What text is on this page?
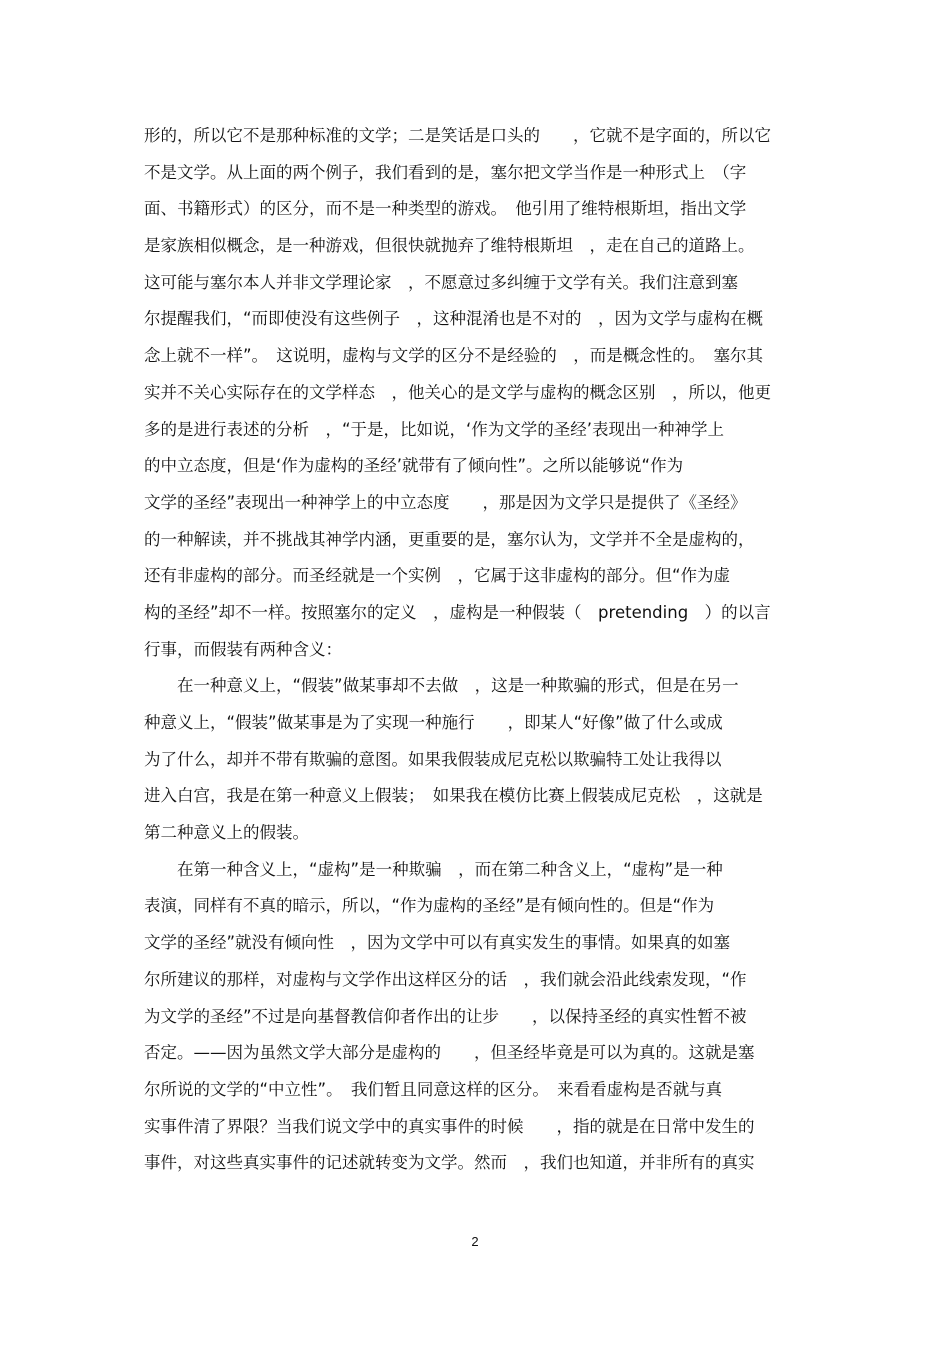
形的，所以它不是那种标准的文学；二是笑话是口头的　　，它就不是字面的，所以它
不是文学。从上面的两个例子，我们看到的是，塞尔把文学当作是一种形式上　（字
面、书籍形式）的区分，而不是一种类型的游戏。　他引用了维特根斯坦，指出文学
是家族相似概念，是一种游戏，但很快就抛弃了维特根斯坦　，走在自己的道路上。
这可能与塞尔本人并非文学理论家　，不愿意过多纠缠于文学有关。我们注意到塞
尔提醒我们，“而即使没有这些例子　，这种混淆也是不对的　，因为文学与虚构在概
念上就不一样”。　这说明，虚构与文学的区分不是经验的　，而是概念性的。　塞尔其
实并不关心实际存在的文学样态　，他关心的是文学与虚构的概念区别　，所以，他更
多的是进行表述的分析　，“于是，比如说，‘作为文学的圣经’表现出一种神学上
的中立态度，但是‘作为虚构的圣经’就带有了倾向性”。之所以能够说“作为
文学的圣经”表现出一种神学上的中立态度　　，那是因为文学只是提供了《圣经》
的一种解读，并不挑战其神学内涵，更重要的是，塞尔认为，文学并不全是虚构的，
还有非虚构的部分。而圣经就是一个实例　，它属于这非虚构的部分。但“作为虚
构的圣经”却不一样。按照塞尔的定义　，虚构是一种假装（　pretending　）的以言
行事，而假装有两种含义：
　　在一种意义上，“假装”做某事却不去做　，这是一种欺骗的形式，但是在另一
种意义上，“假装”做某事是为了实现一种施行　　，即某人“好像”做了什么或成
为了什么，却并不带有欺骗的意图。如果我假装成尼克松以欺骗特工处让我得以
进入白宫，我是在第一种意义上假装；　如果我在模仿比赛上假装成尼克松　，这就是
第二种意义上的假装。
　　在第一种含义上，“虚构”是一种欺骗　，而在第二种含义上，“虚构”是一种
表演，同样有不真的暗示，所以，“作为虚构的圣经”是有倾向性的。但是“作为
文学的圣经”就没有倾向性　，因为文学中可以有真实发生的事情。如果真的如塞
尔所建议的那样，对虚构与文学作出这样区分的话　，我们就会沿此线索发现，“作
为文学的圣经”不过是向基督教信仰者作出的让步　　，以保持圣经的真实性暂不被
否定。——因为虽然文学大部分是虚构的　　，但圣经毕竟是可以为真的。这就是塞
尔所说的文学的“中立性”。　我们暂且同意这样的区分。　来看看虚构是否就与真
实事件清了界限？当我们说文学中的真实事件的时候　　，指的就是在日常中发生的
事件，对这些真实事件的记述就转变为文学。然而　，我们也知道，并非所有的真实
2
